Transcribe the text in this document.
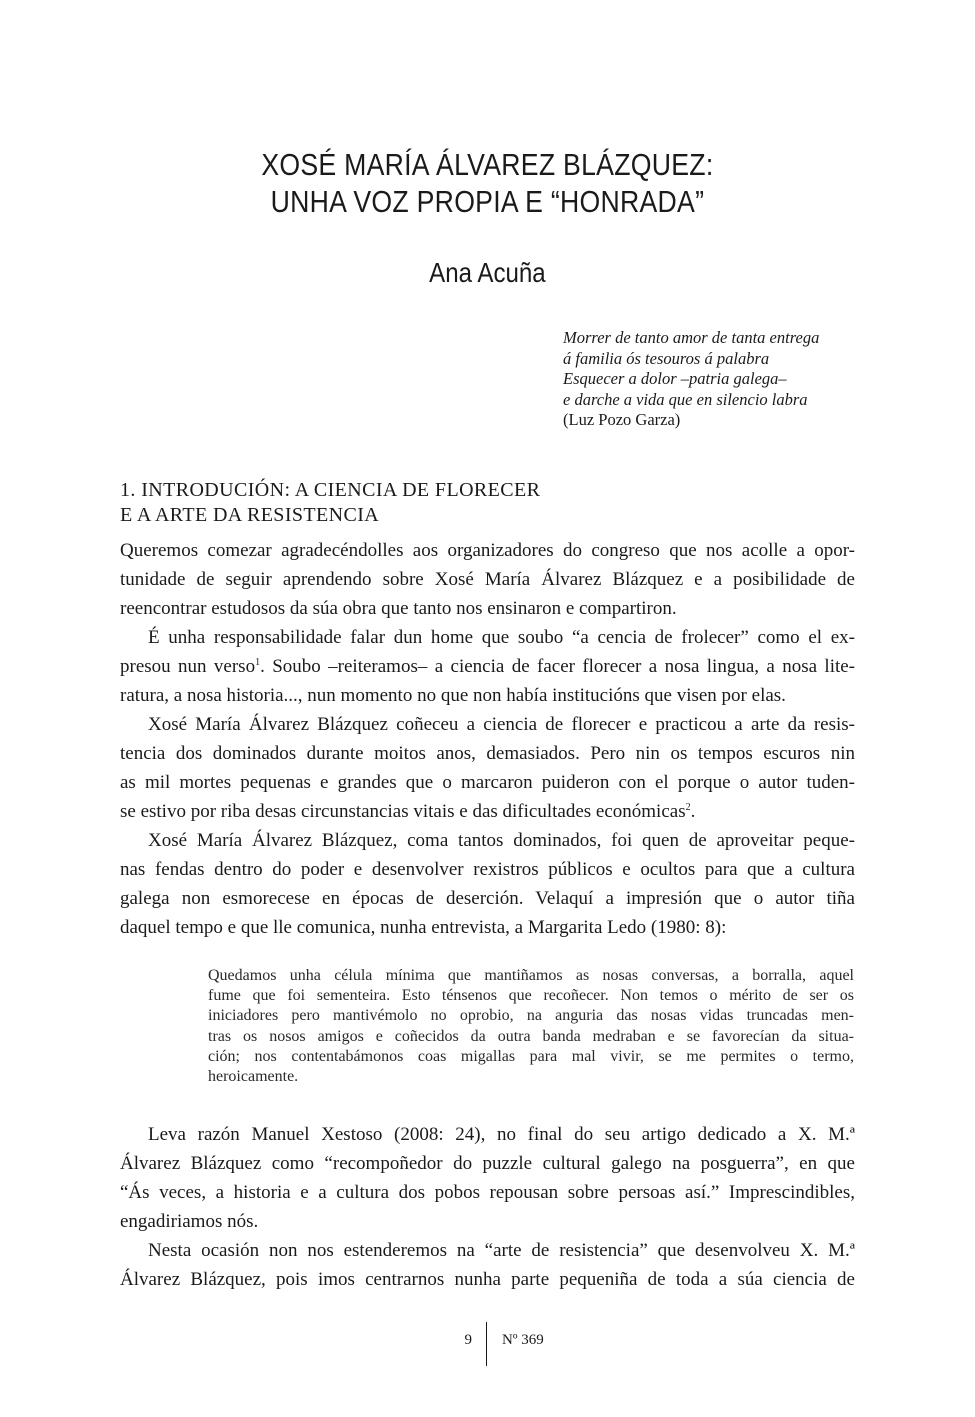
XOSÉ MARÍA ÁLVAREZ BLÁZQUEZ:
UNHA VOZ PROPIA E “HONRADA”
Ana Acuña
Morrer de tanto amor de tanta entrega
á familia ós tesouros á palabra
Esquecer a dolor –patria galega–
e darche a vida que en silencio labra
(Luz Pozo Garza)
1. INTRODUCIÓN: A CIENCIA DE FLORECER
E A ARTE DA RESISTENCIA
Queremos comezar agradecéndolles aos organizadores do congreso que nos acolle a opor-
tunidade de seguir aprendendo sobre Xosé María Álvarez Blázquez e a posibilidade de
reencontrar estudosos da súa obra que tanto nos ensinaron e compartiron.
É unha responsabilidade falar dun home que soubo “a cencia de frolecer” como el ex-
presou nun verso$^1$. Soubo –reiteramos– a ciencia de facer florecer a nosa lingua, a nosa lite-
ratura, a nosa historia..., nun momento no que non había institucións que visen por elas.
Xosé María Álvarez Blázquez coñeceu a ciencia de florecer e practicou a arte da resis-
tencia dos dominados durante moitos anos, demasiados. Pero nin os tempos escuros nin
as mil mortes pequenas e grandes que o marcaron puideron con el porque o autor tuden-
se estivo por riba desas circunstancias vitais e das dificultades económicas$^2$.
Xosé María Álvarez Blázquez, coma tantos dominados, foi quen de aproveitar peque-
nas fendas dentro do poder e desenvolver rexistros públicos e ocultos para que a cultura
galega non esmorecese en épocas de deserción. Velaquí a impresión que o autor tiña
daquel tempo e que lle comunica, nunha entrevista, a Margarita Ledo (1980: 8):
Quedamos unha célula mínima que mantiñamos as nosas conversas, a borralla, aquel
fume que foi sementeira. Esto ténsenos que recoñecer. Non temos o mérito de ser os
iniciadores pero mantivémolo no oprobio, na anguria das nosas vidas truncadas men-
tras os nosos amigos e coñecidos da outra banda medraban e se favorecían da situa-
ción; nos contentabámonos coas migallas para mal vivir, se me permites o termo,
heroicamente.
Leva razón Manuel Xestoso (2008: 24), no final do seu artigo dedicado a X. M.ª
Álvarez Blázquez como “recompoñedor do puzzle cultural galego na posguerra”, en que
“Ás veces, a historia e a cultura dos pobos repousan sobre persoas así.” Imprescindibles,
engadiriamos nós.
Nesta ocasión non nos estenderemos na “arte de resistencia” que desenvolveu X. M.ª
Álvarez Blázquez, pois imos centrarnos nunha parte pequeniña de toda a súa ciencia de
9 Nº 369
